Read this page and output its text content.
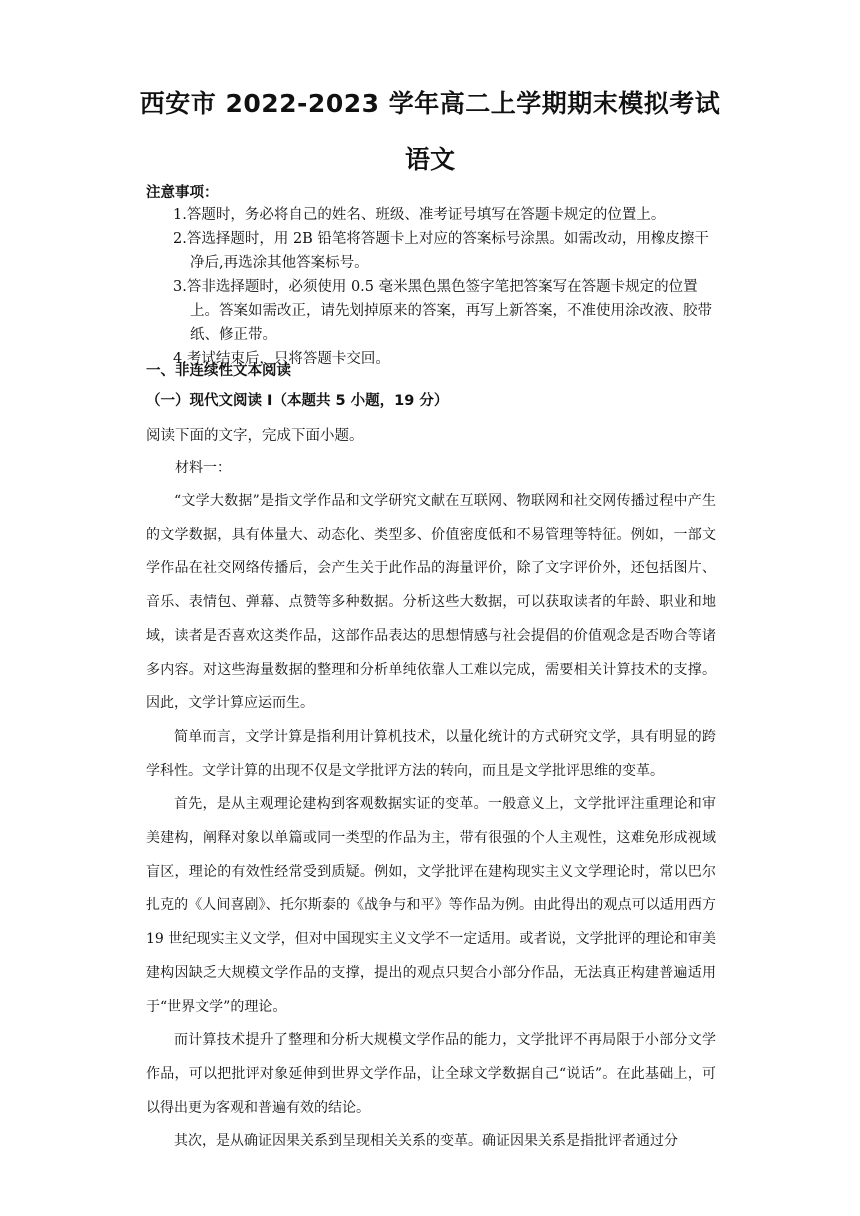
西安市 2022-2023 学年高二上学期期末模拟考试
语文
注意事项：
1.答题时，务必将自己的姓名、班级、准考证号填写在答题卡规定的位置上。
2.答选择题时，用 2B 铅笔将答题卡上对应的答案标号涂黑。如需改动，用橡皮擦干净后,再选涂其他答案标号。
3.答非选择题时，必须使用 0.5 毫米黑色黑色签字笔把答案写在答题卡规定的位置上。答案如需改正，请先划掉原来的答案，再写上新答案，不准使用涂改液、胶带纸、修正带。
4.考试结束后，只将答题卡交回。
一、非连续性文本阅读
（一）现代文阅读 I（本题共 5 小题，19 分）
阅读下面的文字，完成下面小题。
材料一：

“文学大数据”是指文学作品和文学研究文献在互联网、物联网和社交网传播过程中产生的文学数据，具有体量大、动态化、类型多、价值密度低和不易管理等特征。例如，一部文学作品在社交网络传播后，会产生关于此作品的海量评价，除了文字评价外，还包括图片、音乐、表情包、弹幕、点赞等多种数据。分析这些大数据，可以获取读者的年龄、职业和地域，读者是否喜欢这类作品，这部作品表达的思想情感与社会提倡的价值观念是否吻合等诸多内容。对这些海量数据的整理和分析单纯依靠人工难以完成，需要相关计算技术的支撑。因此，文学计算应运而生。

简单而言，文学计算是指利用计算机技术，以量化统计的方式研究文学，具有明显的跨学科性。文学计算的出现不仅是文学批评方法的转向，而且是文学批评思维的变革。

首先，是从主观理论建构到客观数据实证的变革。一般意义上，文学批评注重理论和审美建构，阐释对象以单篇或同一类型的作品为主，带有很强的个人主观性，这难免形成视域盲区，理论的有效性经常受到质疑。例如，文学批评在建构现实主义文学理论时，常以巴尔扎克的《人间喜剧》、托尔斯泰的《战争与和平》等作品为例。由此得出的观点可以适用西方 19 世纪现实主义文学，但对中国现实主义文学不一定适用。或者说，文学批评的理论和审美建构因缺乏大规模文学作品的支撑，提出的观点只契合小部分作品，无法真正构建普遍适用于“世界文学”的理论。

而计算技术提升了整理和分析大规模文学作品的能力，文学批评不再局限于小部分文学作品，可以把批评对象延伸到世界文学作品，让全球文学数据自己“说话”。在此基础上，可以得出更为客观和普遍有效的结论。

其次，是从确证因果关系到呈现相关关系的变革。确证因果关系是指批评者通过分
